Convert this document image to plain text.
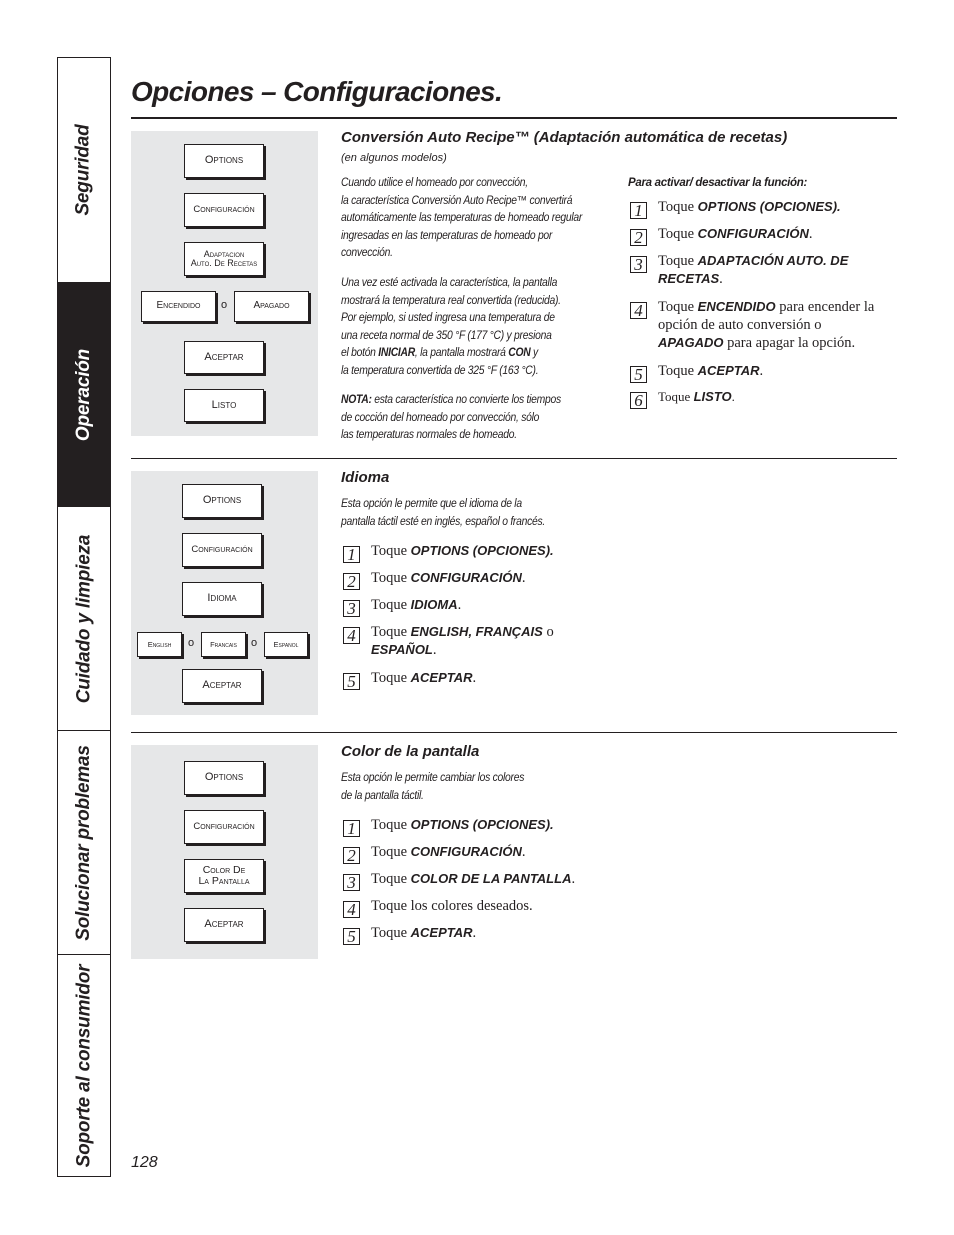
Seguridad
Operación
Cuidado y limpieza
Solucionar problemas
Soporte al consumidor
Opciones – Configuraciones.
Options
Configuración
Adaptacion
Auto. De Recetas
Encendido	o	Apagado
Aceptar
Listo
Conversión Auto Recipe™ (Adaptación automática de recetas)
(en algunos modelos)
Cuando utilice el homeado por convección,
la característica Conversión Auto Recipe™ convertirá
automáticamente las temperaturas de homeado regular
ingresadas en las temperaturas de homeado por
convección.
Una vez esté activada la característica, la pantalla
mostrará la temperatura real convertida (reducida).
Por ejemplo, si usted ingresa una temperatura de
una receta normal de 350 °F (177 °C) y presiona
el botón INICIAR, la pantalla mostrará CON y
la temperatura convertida de 325 °F (163 °C).
NOTA: esta característica no convierte los tiempos
de cocción del horneado por convección, sólo
las temperaturas normales de homeado.
Para activar/ desactivar la función:
1 Toque OPTIONS (OPCIONES).
2 Toque CONFIGURACIÓN.
3 Toque ADAPTACIÓN AUTO. DE RECETAS.
4 Toque ENCENDIDO para encender la opción de auto conversión o APAGADO para apagar la opción.
5 Toque ACEPTAR.
6	Toque LISTO.
Options
Configuración
Idioma
English	o	Francais	o	Espanol
Aceptar
Idioma
Esta opción le permite que el idioma de la
pantalla táctil esté en inglés, español o francés.
1 Toque OPTIONS (OPCIONES).
2 Toque CONFIGURACIÓN.
3 Toque IDIOMA.
4 Toque ENGLISH, FRANÇAIS o ESPAÑOL.
5 Toque ACEPTAR.
Options
Configuración
Color De
La Pantalla
Aceptar
Color de la pantalla
Esta opción le permite cambiar los colores
de la pantalla táctil.
1 Toque OPTIONS (OPCIONES).
2 Toque CONFIGURACIÓN.
3 Toque COLOR DE LA PANTALLA.
4 Toque los colores deseados.
5 Toque ACEPTAR.
128
